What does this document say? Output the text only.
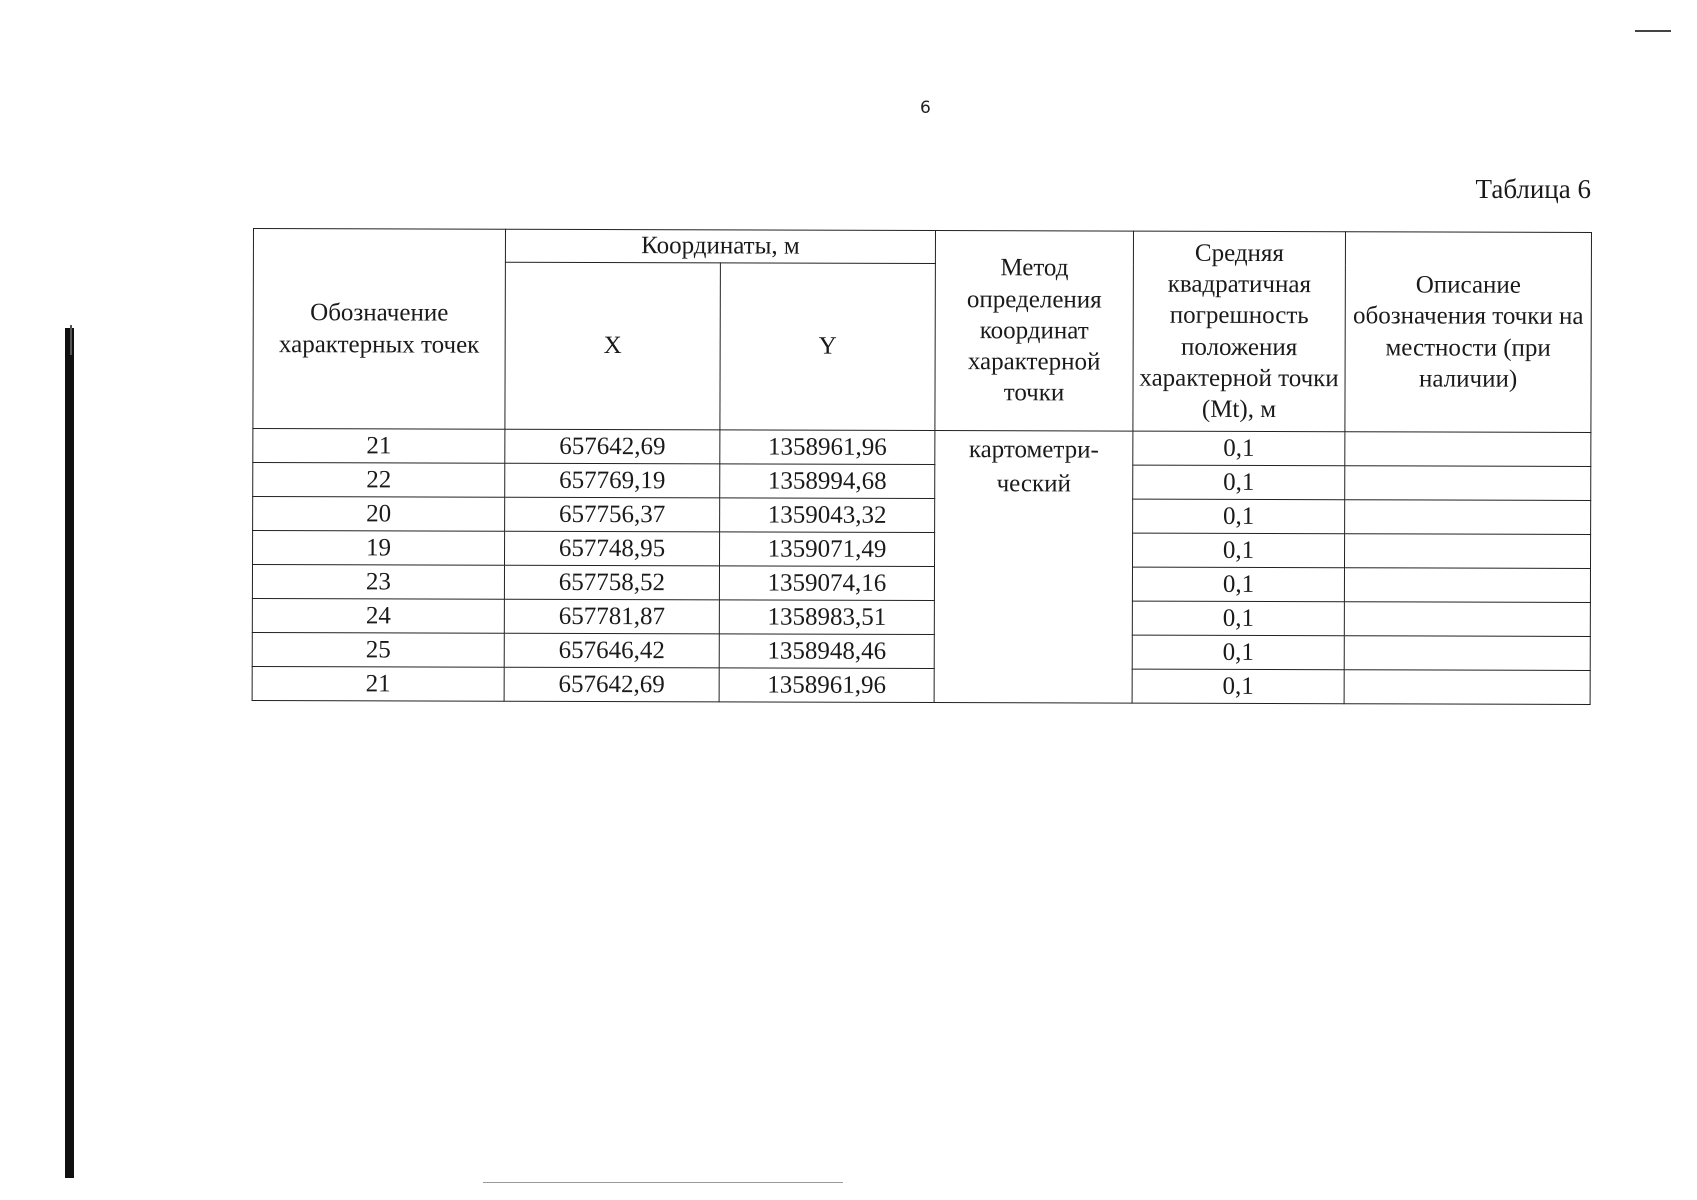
6
Таблица 6
Обозначение характерных точек	Координаты, м		Метод определения координат характерной точки	Средняя квадратичная погрешность положения характерной точки (Mt), м	Описание обозначения точки на местности (при наличии)
	X	Y			
21	657642,69	1358961,96	картометри-ческий	0,1	
22	657769,19	1358994,68		0,1	
20	657756,37	1359043,32		0,1	
19	657748,95	1359071,49		0,1	
23	657758,52	1359074,16		0,1	
24	657781,87	1358983,51		0,1	
25	657646,42	1358948,46		0,1	
21	657642,69	1358961,96		0,1	
